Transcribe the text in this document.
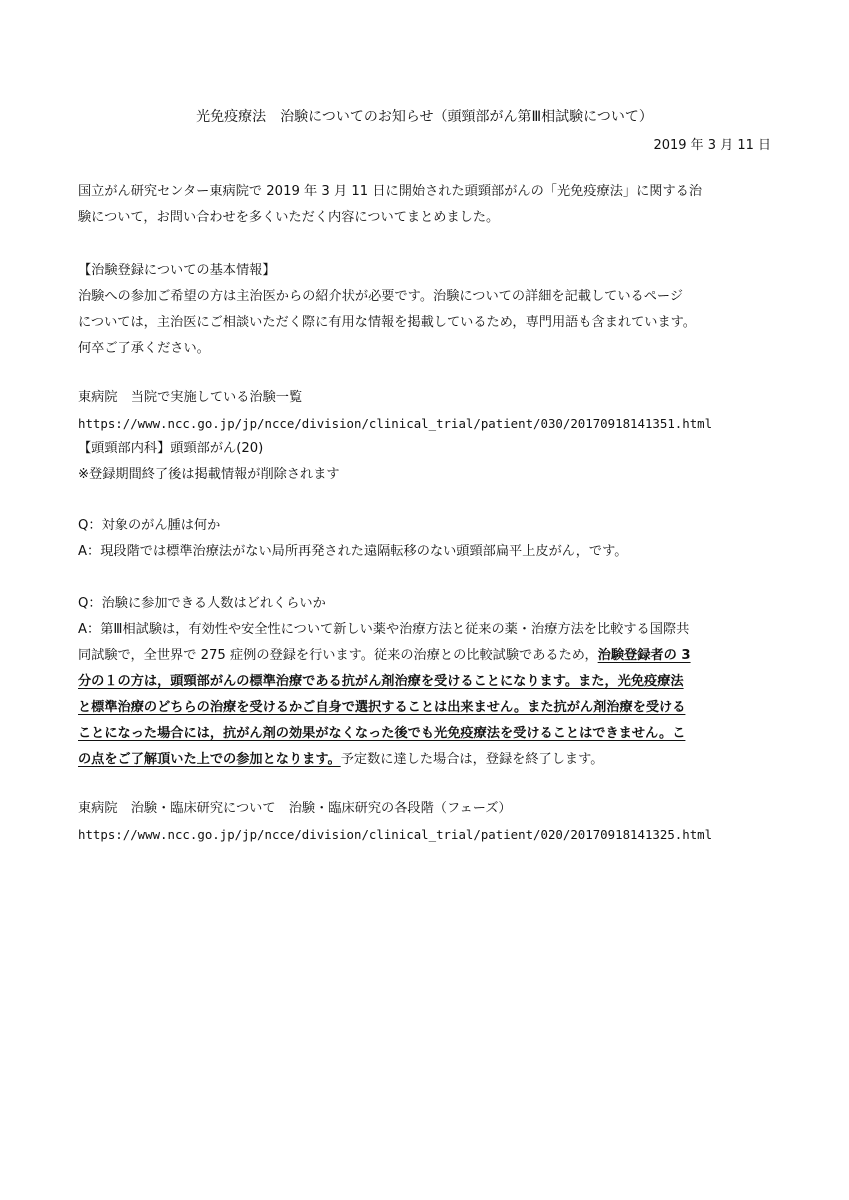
光免疫療法　治験についてのお知らせ（頭頸部がん第Ⅲ相試験について）
2019 年 3 月 11 日
国立がん研究センター東病院で 2019 年 3 月 11 日に開始された頭頸部がんの「光免疫療法」に関する治
験について，お問い合わせを多くいただく内容についてまとめました。
【治験登録についての基本情報】
治験への参加ご希望の方は主治医からの紹介状が必要です。治験についての詳細を記載しているページ
については，主治医にご相談いただく際に有用な情報を掲載しているため，専門用語も含まれています。
何卒ご了承ください。
東病院　当院で実施している治験一覧
https://www.ncc.go.jp/jp/ncce/division/clinical_trial/patient/030/20170918141351.html
【頭頸部内科】頭頸部がん(20)
※登録期間終了後は掲載情報が削除されます
Q：対象のがん腫は何か
A：現段階では標準治療法がない局所再発された遠隔転移のない頭頸部扁平上皮がん，です。
Q：治験に参加できる人数はどれくらいか
A：第Ⅲ相試験は，有効性や安全性について新しい薬や治療方法と従来の薬・治療方法を比較する国際共
同試験で，全世界で 275 症例の登録を行います。従来の治療との比較試験であるため，治験登録者の 3
分の１の方は，頭頸部がんの標準治療である抗がん剤治療を受けることになります。また，光免疫療法
と標準治療のどちらの治療を受けるかご自身で選択することは出来ません。また抗がん剤治療を受ける
ことになった場合には，抗がん剤の効果がなくなった後でも光免疫療法を受けることはできません。こ
の点をご了解頂いた上での参加となります。予定数に達した場合は，登録を終了します。
東病院　治験・臨床研究について　治験・臨床研究の各段階（フェーズ）
https://www.ncc.go.jp/jp/ncce/division/clinical_trial/patient/020/20170918141325.html
